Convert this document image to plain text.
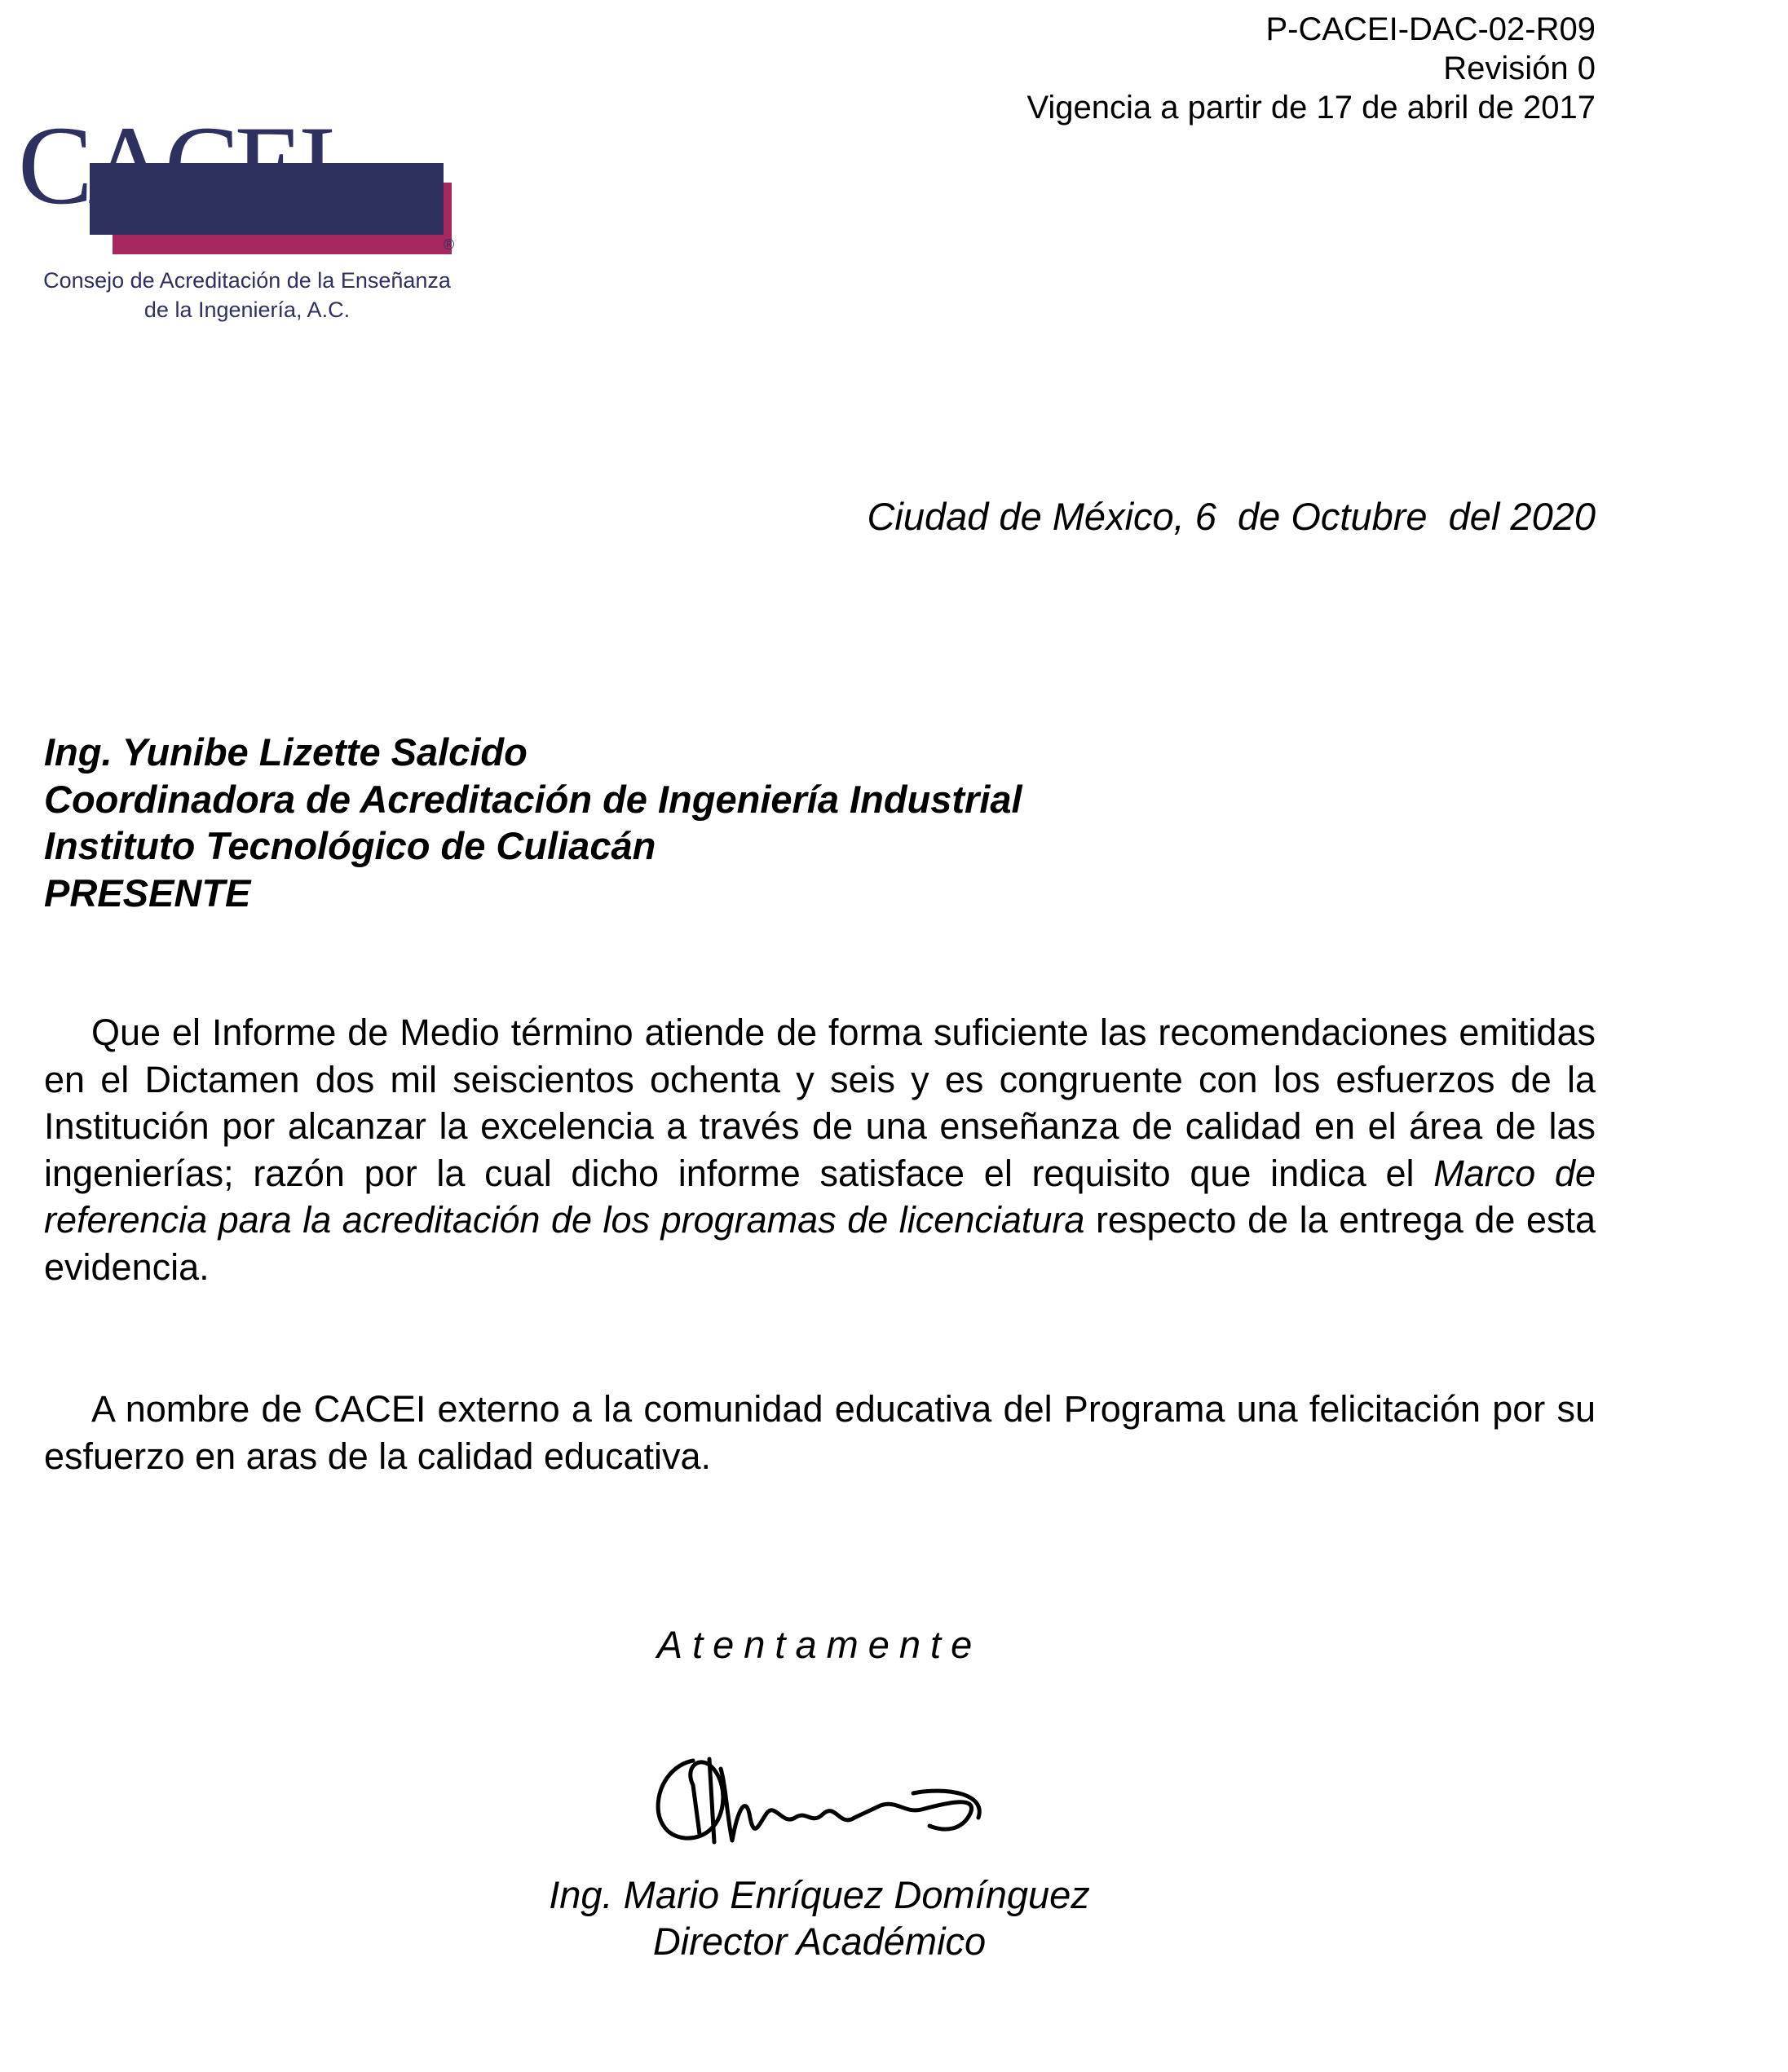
P-CACEI-DAC-02-R09
Revisión 0
Vigencia a partir de 17 de abril de 2017
CACEI
®
Consejo de Acreditación de la Enseñanza
de la Ingeniería, A.C.
Ciudad de México, 6  de Octubre  del 2020
Ing. Yunibe Lizette Salcido
Coordinadora de Acreditación de Ingeniería Industrial
Instituto Tecnológico de Culiacán
PRESENTE
Que el Informe de Medio término atiende de forma suficiente las recomendaciones emitidas en el Dictamen dos mil seiscientos ochenta y seis y es congruente con los esfuerzos de la Institución por alcanzar la excelencia a través de una enseñanza de calidad en el área de las ingenierías; razón por la cual dicho informe satisface el requisito que indica el Marco de referencia para la acreditación de los programas de licenciatura respecto de la entrega de esta evidencia.
A nombre de CACEI externo a la comunidad educativa del Programa una felicitación por su esfuerzo en aras de la calidad educativa.
Atentamente
Ing. Mario Enríquez Domínguez
Director Académico
